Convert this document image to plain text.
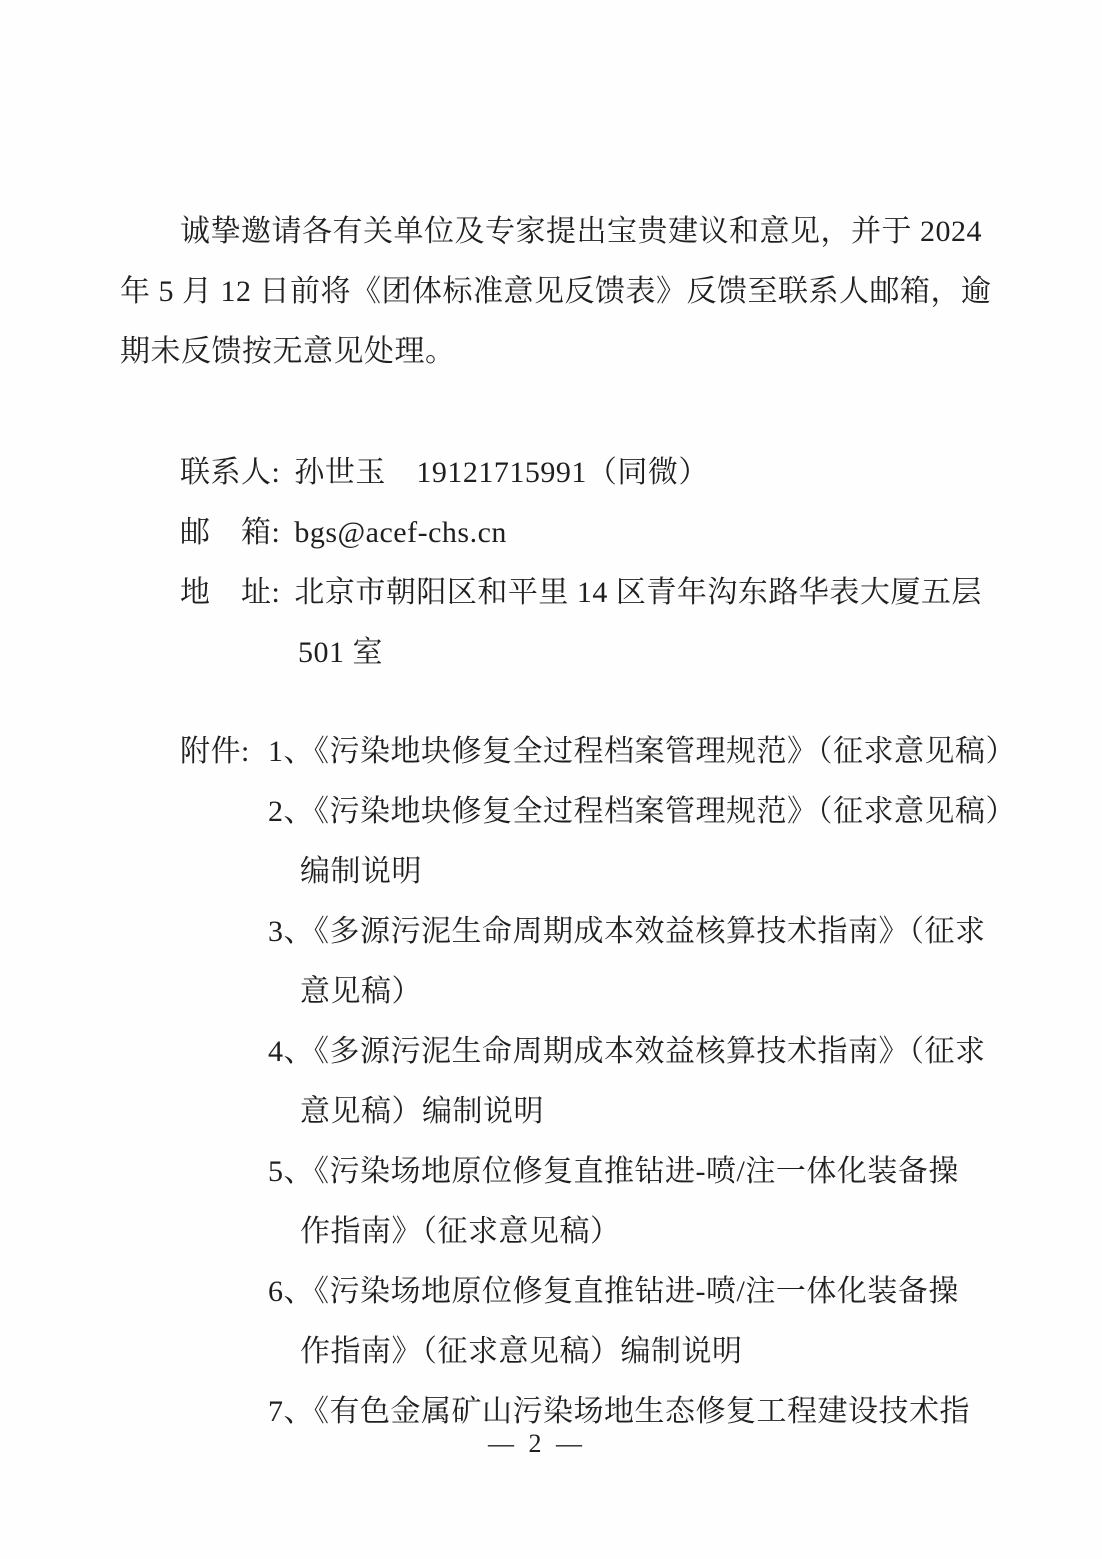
诚挚邀请各有关单位及专家提出宝贵建议和意见，并于 2024
年 5 月 12 日前将《团体标准意见反馈表》反馈至联系人邮箱，逾
期未反馈按无意见处理。
联系人: 孙世玉　19121715991（同微）
邮　箱: bgs@acef-chs.cn
地　址: 北京市朝阳区和平里 14 区青年沟东路华表大厦五层
501 室
附件: 1、《污染地块修复全过程档案管理规范》（征求意见稿）
2、《污染地块修复全过程档案管理规范》（征求意见稿）
编制说明
3、《多源污泥生命周期成本效益核算技术指南》（征求
意见稿）
4、《多源污泥生命周期成本效益核算技术指南》（征求
意见稿）编制说明
5、《污染场地原位修复直推钻进-喷/注一体化装备操
作指南》（征求意见稿）
6、《污染场地原位修复直推钻进-喷/注一体化装备操
作指南》（征求意见稿）编制说明
7、《有色金属矿山污染场地生态修复工程建设技术指
— 2 —
